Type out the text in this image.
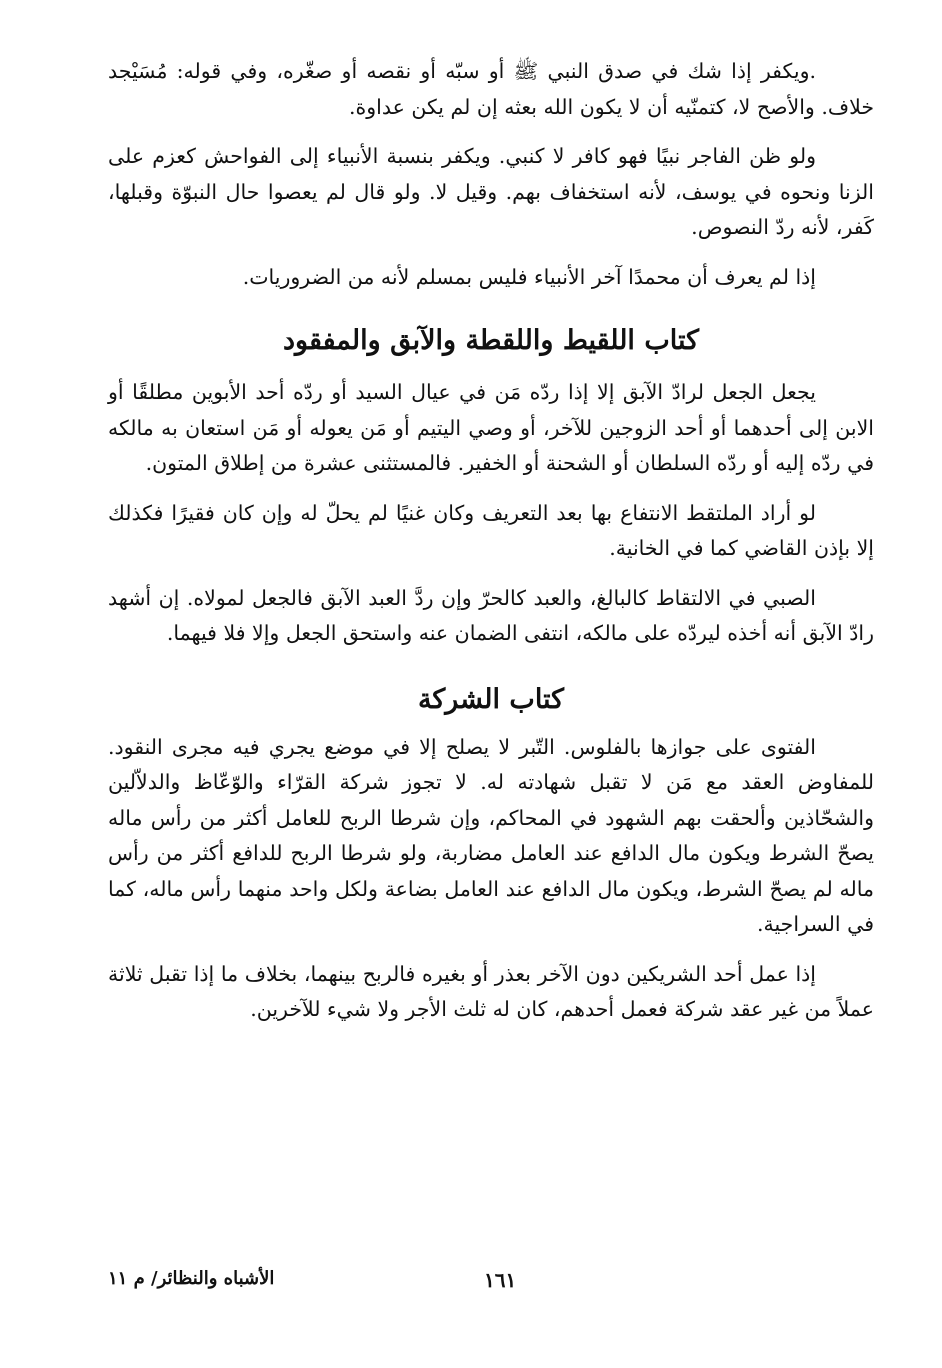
.ويكفر إذا شك في صدق النبي ﷺ أو سبّه أو نقصه أو صغّره، وفي قوله: مُسَيْجد خلاف. والأصح لا، كتمنّيه أن لا يكون الله بعثه إن لم يكن عداوة.

ولو ظن الفاجر نبيًا فهو كافر لا كنبي. ويكفر بنسبة الأنبياء إلى الفواحش كعزم على الزنا ونحوه في يوسف، لأنه استخفاف بهم. وقيل لا. ولو قال لم يعصوا حال النبوّة وقبلها، كَفر، لأنه ردّ النصوص.

إذا لم يعرف أن محمدًا آخر الأنبياء فليس بمسلم لأنه من الضروريات.

كتاب اللقيط واللقطة والآبق والمفقود

يجعل الجعل لرادّ الآبق إلا إذا ردّه مَن في عيال السيد أو ردّه أحد الأبوين مطلقًا أو الابن إلى أحدهما أو أحد الزوجين للآخر، أو وصي اليتيم أو مَن يعوله أو مَن استعان به مالكه في ردّه إليه أو ردّه السلطان أو الشحنة أو الخفير. فالمستثنى عشرة من إطلاق المتون.

لو أراد الملتقط الانتفاع بها بعد التعريف وكان غنيًا لم يحلّ له وإن كان فقيرًا فكذلك إلا بإذن القاضي كما في الخانية.

الصبي في الالتقاط كالبالغ، والعبد كالحرّ وإن ردَّ العبد الآبق فالجعل لمولاه. إن أشهد رادّ الآبق أنه أخذه ليردّه على مالكه، انتفى الضمان عنه واستحق الجعل وإلا فلا فيهما.

كتاب الشركة

الفتوى على جوازها بالفلوس. التّبر لا يصلح إلا في موضع يجري فيه مجرى النقود. للمفاوض العقد مع مَن لا تقبل شهادته له. لا تجوز شركة القرّاء والوّعّاظ والدلاّلين والشحّاذين وألحقت بهم الشهود في المحاكم، وإن شرطا الربح للعامل أكثر من رأس ماله يصحّ الشرط ويكون مال الدافع عند العامل مضاربة، ولو شرطا الربح للدافع أكثر من رأس ماله لم يصحّ الشرط، ويكون مال الدافع عند العامل بضاعة ولكل واحد منهما رأس ماله، كما في السراجية.

إذا عمل أحد الشريكين دون الآخر بعذر أو بغيره فالربح بينهما، بخلاف ما إذا تقبل ثلاثة عملاً من غير عقد شركة فعمل أحدهم، كان له ثلث الأجر ولا شيء للآخرين.

١٦١
الأشباه والنظائر/ م ١١
